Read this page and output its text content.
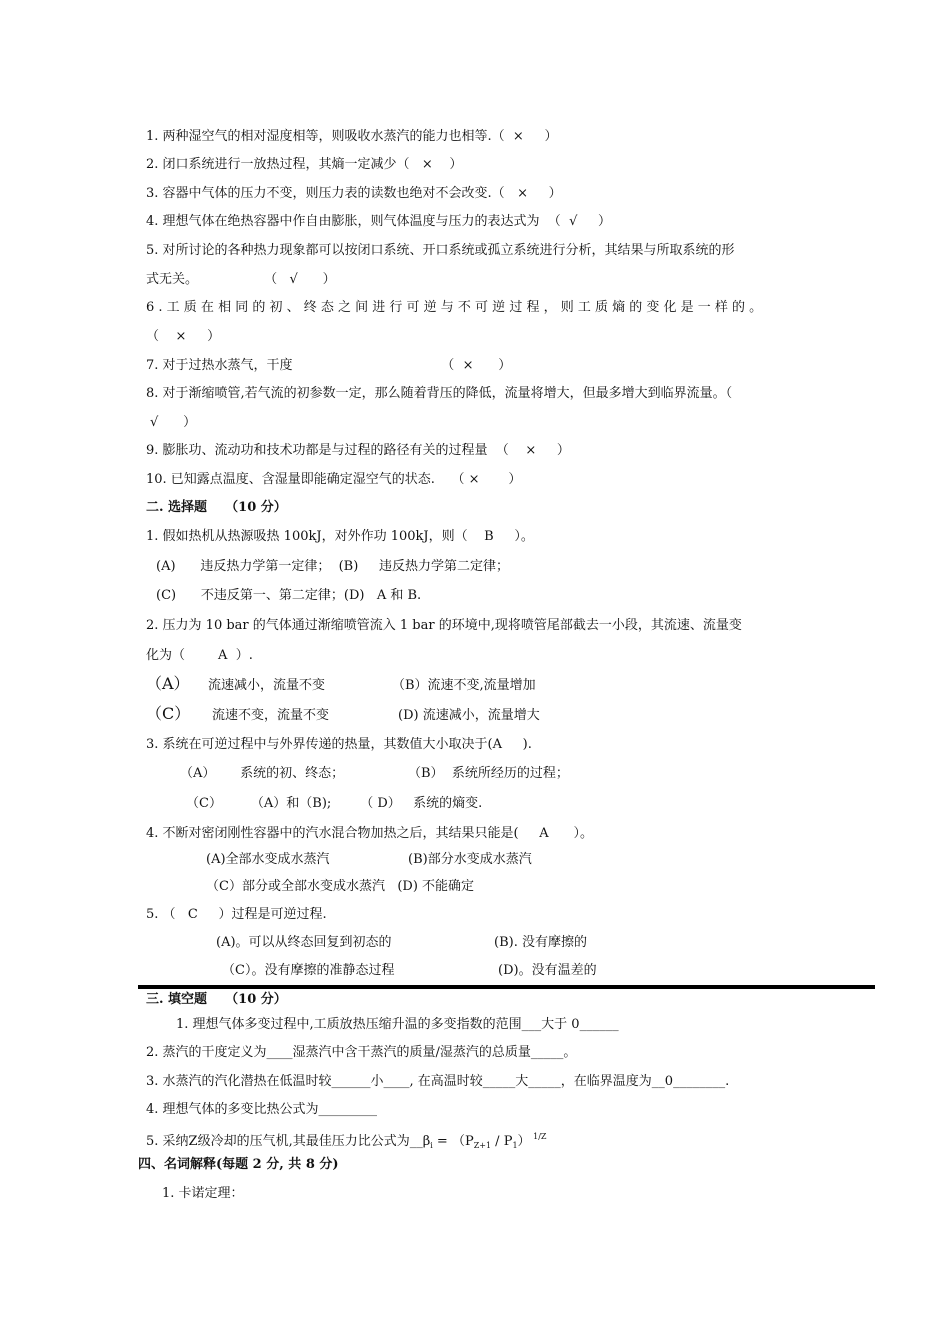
1. 两种湿空气的相对湿度相等，则吸收水蒸汽的能力也相等.（  ×     ）
2. 闭口系统进行一放热过程，其熵一定减少（   ×    ）
3. 容器中气体的压力不变，则压力表的读数也绝对不会改变.（   ×     ）
4. 理想气体在绝热容器中作自由膨胀，则气体温度与压力的表达式为  （  √     ）
5. 对所讨论的各种热力现象都可以按闭口系统、开口系统或孤立系统进行分析，其结果与所取系统的形
式无关。                （   √      ）
6 . 工 质 在 相 同 的 初 、 终 态 之 间 进 行 可 逆 与 不 可 逆 过 程 ， 则 工 质 熵 的 变 化 是 一 样 的 。
（    ×     ）
7. 对于过热水蒸气，干度                                    （  ×      ）
8. 对于渐缩喷管,若气流的初参数一定，那么随着背压的降低，流量将增大，但最多增大到临界流量。（
√      ）
9. 膨胀功、流动功和技术功都是与过程的路径有关的过程量  （    ×     ）
10. 已知露点温度、含湿量即能确定湿空气的状态.    （ ×       ）
二. 选择题    （10 分）
1. 假如热机从热源吸热 100kJ，对外作功 100kJ，则（    B     ）。
(A)      违反热力学第一定律；  (B)     违反热力学第二定律；
(C)      不违反第一、第二定律；(D)   A 和 B.
2. 压力为 10 bar 的气体通过渐缩喷管流入 1 bar 的环境中,现将喷管尾部截去一小段，其流速、流量变
化为（        A  ）.
（A） 流速减小，流量不变	（B）流速不变,流量增加
（C） 流速不变，流量不变	(D) 流速减小，流量增大
3. 系统在可逆过程中与外界传递的热量，其数值大小取决于(A     ).
（A）      系统的初、终态；	（B）  系统所经历的过程；
（C）       （A）和（B);       （ D）   系统的熵变.
4. 不断对密闭刚性容器中的汽水混合物加热之后，其结果只能是(     A      ）。
(A)全部水变成水蒸汽	(B)部分水变成水蒸汽
（C）部分或全部水变成水蒸汽   (D) 不能确定
5. （   C     ）过程是可逆过程.
(A)。可以从终态回复到初态的	(B). 没有摩擦的
（C）。没有摩擦的准静态过程	(D)。没有温差的
三. 填空题    （10 分）
1. 理想气体多变过程中,工质放热压缩升温的多变指数的范围___大于 0______
2. 蒸汽的干度定义为____湿蒸汽中含干蒸汽的质量/湿蒸汽的总质量_____。
3. 水蒸汽的汽化潜热在低温时较______小____, 在高温时较_____大_____，在临界温度为__0________.
4. 理想气体的多变比热公式为_________
5. 采纳Z级冷却的压气机,其最佳压力比公式为$\_\_\beta_i = (P_{Z+1} / P_1)$ $^{1/Z}$
四、名词解释(每题 2 分, 共 8 分)
1. 卡诺定理：
